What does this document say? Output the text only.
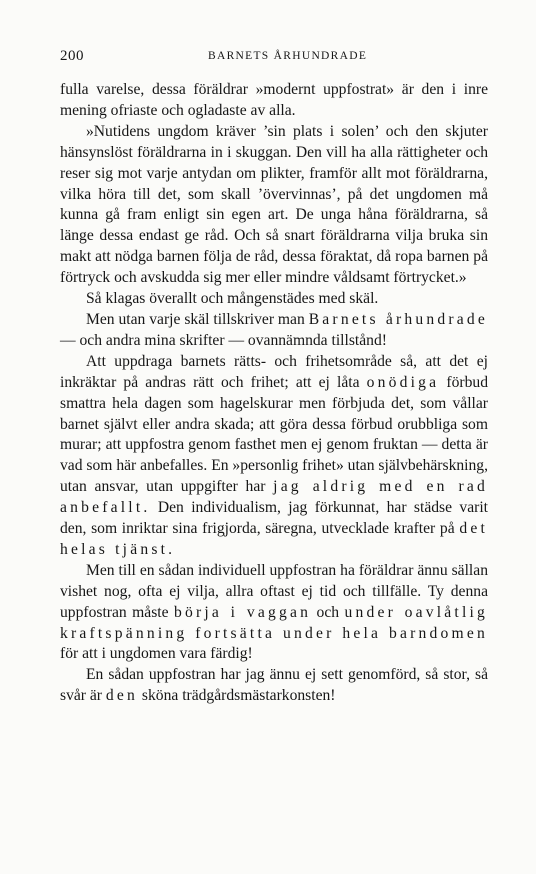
200	BARNETS ÅRHUNDRADE

fulla varelse, dessa föräldrar »modernt uppfostrat» är den i inre mening ofriaste och ogladaste av alla.

»Nutidens ungdom kräver ’sin plats i solen’ och den skjuter hänsynslöst föräldrarna in i skuggan. Den vill ha alla rättigheter och reser sig mot varje antydan om plikter, framför allt mot föräldrarna, vilka höra till det, som skall ’övervinnas’, på det ungdomen må kunna gå fram enligt sin egen art. De unga håna föräldrarna, så länge dessa endast ge råd. Och så snart föräldrarna vilja bruka sin makt att nödga barnen följa de råd, dessa föraktat, då ropa barnen på förtryck och avskudda sig mer eller mindre våldsamt förtrycket.»

Så klagas överallt och mångenstädes med skäl.

Men utan varje skäl tillskriver man Barnets århundrade — och andra mina skrifter — ovannämnda tillstånd!

Att uppdraga barnets rätts- och frihetsområde så, att det ej inkräktar på andras rätt och frihet; att ej låta onödiga förbud smattra hela dagen som hagelskurar men förbjuda det, som vållar barnet självt eller andra skada; att göra dessa förbud orubbliga som murar; att uppfostra genom fasthet men ej genom fruktan — detta är vad som här anbefalles. En »personlig frihet» utan självbehärskning, utan ansvar, utan uppgifter har jag aldrig med en rad anbefallt. Den individualism, jag förkunnat, har städse varit den, som inriktar sina frigjorda, säregna, utvecklade krafter på det helas tjänst.

Men till en sådan individuell uppfostran ha föräldrar ännu sällan vishet nog, ofta ej vilja, allra oftast ej tid och tillfälle. Ty denna uppfostran måste börja i vaggan och under oavlåtlig kraftspänning fortsätta under hela barndomen för att i ungdomen vara färdig!

En sådan uppfostran har jag ännu ej sett genomförd, så stor, så svår är den sköna trädgårdsmästarkonsten!
